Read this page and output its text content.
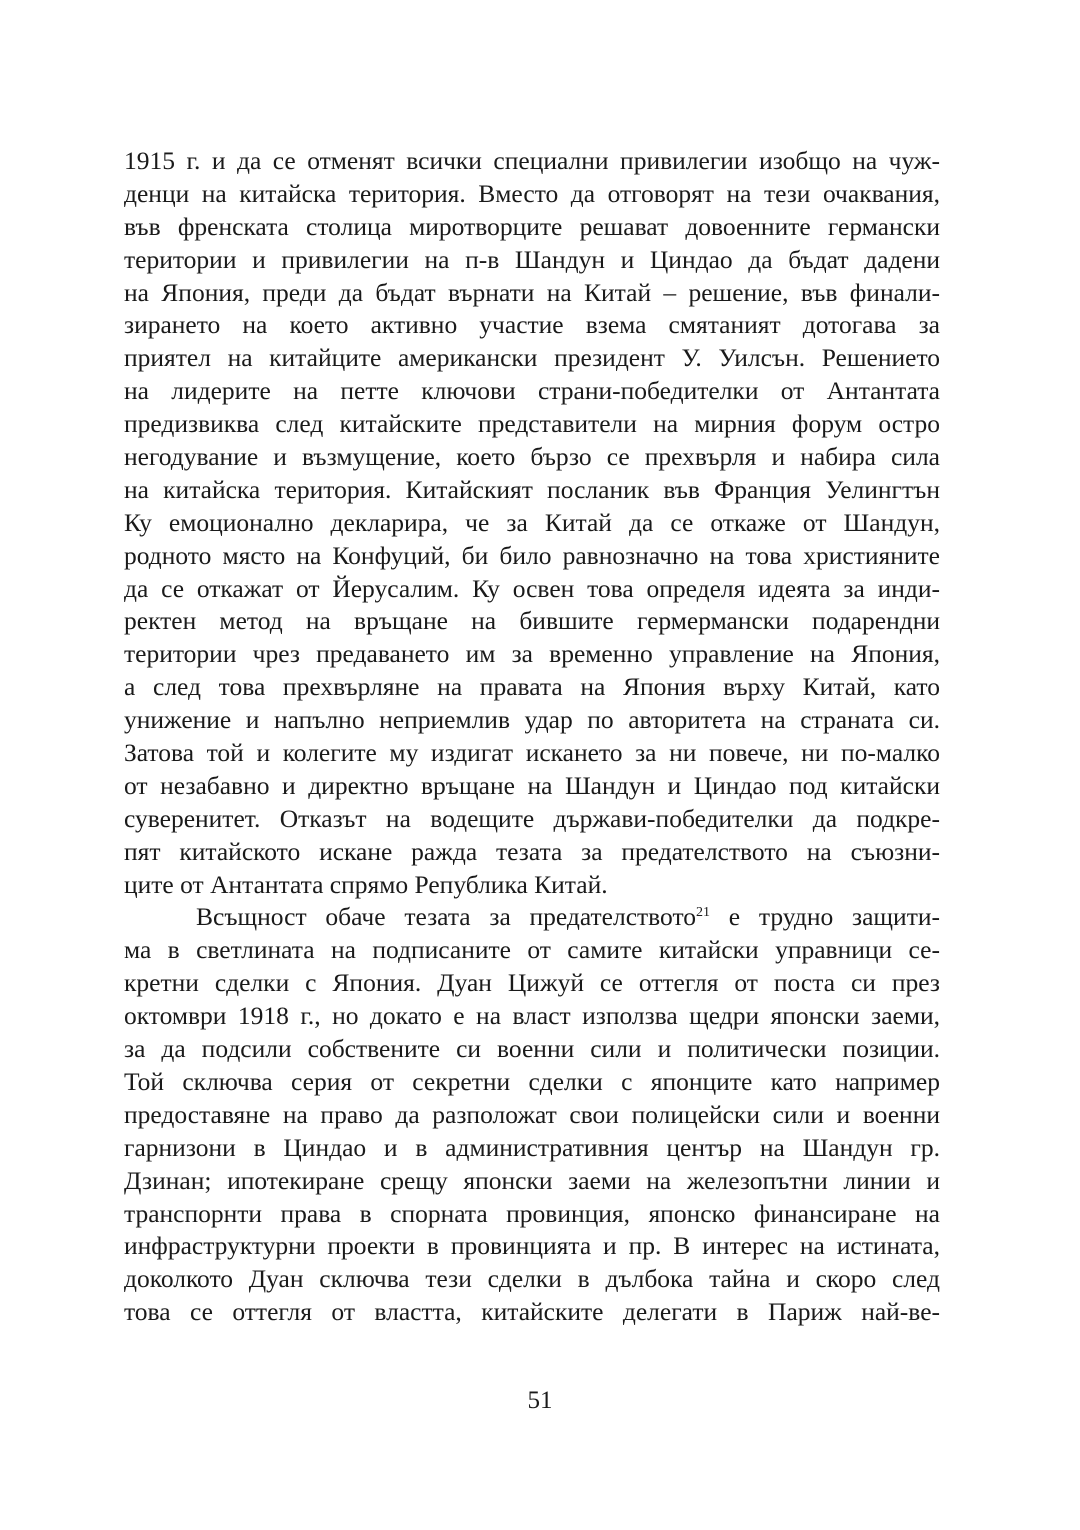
1915 г. и да се отменят всички специални привилегии изобщо на чуж-
денци на китайска територия. Вместо да отговорят на тези очаквания,
във френската столица миротворците решават довоенните германски
територии и привилегии на п-в Шандун и Циндао да бъдат дадени
на Япония, преди да бъдат върнати на Китай – решение, във финали-
зирането на което активно участие взема смятаният дотогава за
приятел на китайците американски президент У. Уилсън. Решението
на лидерите на петте ключови страни-победителки от Антантата
предизвиква след китайските представители на мирния форум остро
негодувание и възмущение, което бързо се прехвърля и набира сила
на китайска територия. Китайският посланик във Франция Уелингтън
Ку емоционално декларира, че за Китай да се откаже от Шандун,
родното място на Конфуций, би било равнозначно на това християните
да се откажат от Йерусалим. Ку освен това определя идеята за инди-
ректен метод на връщане на бившите гермермански подарендни
територии чрез предаването им за временно управление на Япония,
а след това прехвърляне на правата на Япония върху Китай, като
унижение и напълно неприемлив удар по авторитета на страната си.
Затова той и колегите му издигат искането за ни повече, ни по-малко
от незабавно и директно връщане на Шандун и Циндао под китайски
суверенитет. Отказът на водещите държави-победителки да подкре-
пят китайското искане ражда тезата за предателството на съюзни-
ците от Антантата спрямо Република Китай.
Всъщност обаче тезата за предателството$^{21}$ е трудно защити-
ма в светлината на подписаните от самите китайски управници се-
кретни сделки с Япония. Дуан Цижуй се оттегля от поста си през
октомври 1918 г., но докато е на власт използва щедри японски заеми,
за да подсили собствените си военни сили и политически позиции.
Той сключва серия от секретни сделки с японците като например
предоставяне на право да разположат свои полицейски сили и военни
гарнизони в Циндао и в административния център на Шандун гр.
Дзинан; ипотекиране срещу японски заеми на железопътни линии и
транспорнти права в спорната провинция, японско финансиране на
инфраструктурни проекти в провинцията и пр. В интерес на истината,
доколкото Дуан сключва тези сделки в дълбока тайна и скоро след
това се оттегля от властта, китайските делегати в Париж най-ве-
51
